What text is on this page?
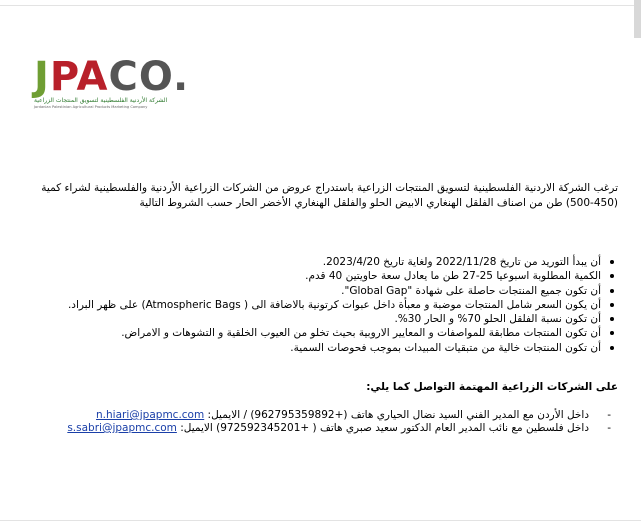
JPACO.
الشركة الأردنية الفلسطينية لتسويق المنتجات الزراعية
Jordanian Palestinian Agricultural Products Marketing Company
ترغب الشركة الاردنية الفلسطينية لتسويق المنتجات الزراعية باستدراج عروض من الشركات الزراعية الأردنية والفلسطينية لشراء كمية (450-500) طن من اصناف الفلقل الهنغاري الابيض الحلو والفلقل الهنغاري الأخضر الحار حسب الشروط التالية
أن يبدأ التوريد من تاريخ 2022/11/28 ولغاية تاريخ 2023/4/20.
الكمية المطلوبة اسبوعيا 25-27 طن ما يعادل سعة حاويتين 40 قدم.
أن تكون جميع المنتجات حاصلة على شهادة "Global Gap".
أن يكون السعر شامل المنتجات موضبة و معبأة داخل عبوات كرتونية بالاضافة الى ( Atmospheric Bags) على ظهر البراد.
أن تكون نسبة الفلقل الحلو 70% و الحار 30%.
أن تكون المنتجات مطابقة للمواصفات و المعايير الاروبية بحيث تخلو من العيوب الخلقية و التشوهات و الامراض.
أن تكون المنتجات خالية من متبقيات المبيدات بموجب فحوصات السمية.
على الشركات الزراعية المهتمة التواصل كما يلي:
- داخل الأردن مع المدير الفني السيد نضال الحياري هاتف (+962795359892) / الايميل: n.hiari@jpapmc.com
- داخل فلسطين مع نائب المدير العام الدكتور سعيد صبري هاتف ( +972592345201) الايميل: s.sabri@jpapmc.com
